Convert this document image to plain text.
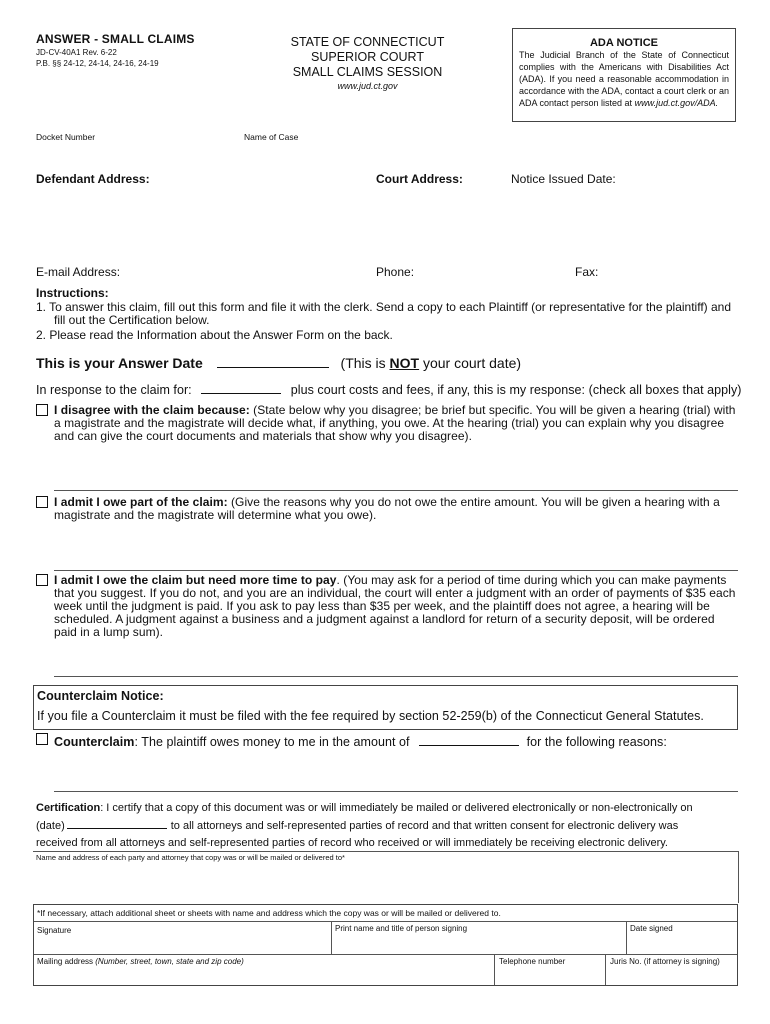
ANSWER - SMALL CLAIMS
JD-CV-40A1 Rev. 6-22
P.B. §§ 24-12, 24-14, 24-16, 24-19
STATE OF CONNECTICUT
SUPERIOR COURT
SMALL CLAIMS SESSION
www.jud.ct.gov
ADA NOTICE
The Judicial Branch of the State of Connecticut complies with the Americans with Disabilities Act (ADA). If you need a reasonable accommodation in accordance with the ADA, contact a court clerk or an ADA contact person listed at www.jud.ct.gov/ADA.
Docket Number	Name of Case
Defendant Address:	Court Address:	Notice Issued Date:
E-mail Address:	Phone:	Fax:
Instructions:
1. To answer this claim, fill out this form and file it with the clerk. Send a copy to each Plaintiff (or representative for the plaintiff) and fill out the Certification below.
2. Please read the Information about the Answer Form on the back.
This is your Answer Date	(This is NOT your court date)
In response to the claim for:	plus court costs and fees, if any, this is my response: (check all boxes that apply)
I disagree with the claim because: (State below why you disagree; be brief but specific. You will be given a hearing (trial) with a magistrate and the magistrate will decide what, if anything, you owe. At the hearing (trial) you can explain why you disagree and can give the court documents and materials that show why you disagree).
I admit I owe part of the claim: (Give the reasons why you do not owe the entire amount. You will be given a hearing with a magistrate and the magistrate will determine what you owe).
I admit I owe the claim but need more time to pay. (You may ask for a period of time during which you can make payments that you suggest. If you do not, and you are an individual, the court will enter a judgment with an order of payments of $35 each week until the judgment is paid. If you ask to pay less than $35 per week, and the plaintiff does not agree, a hearing will be scheduled. A judgment against a business and a judgment against a landlord for return of a security deposit, will be ordered paid in a lump sum).
Counterclaim Notice:
If you file a Counterclaim it must be filed with the fee required by section 52-259(b) of the Connecticut General Statutes.
Counterclaim: The plaintiff owes money to me in the amount of	for the following reasons:
Certification: I certify that a copy of this document was or will immediately be mailed or delivered electronically or non-electronically on
(date)	to all attorneys and self-represented parties of record and that written consent for electronic delivery was
received from all attorneys and self-represented parties of record who received or will immediately be receiving electronic delivery.
Name and address of each party and attorney that copy was or will be mailed or delivered to*
*If necessary, attach additional sheet or sheets with name and address which the copy was or will be mailed or delivered to.
Signature	Print name and title of person signing	Date signed
Mailing address (Number, street, town, state and zip code)	Telephone number	Juris No. (if attorney is signing)
